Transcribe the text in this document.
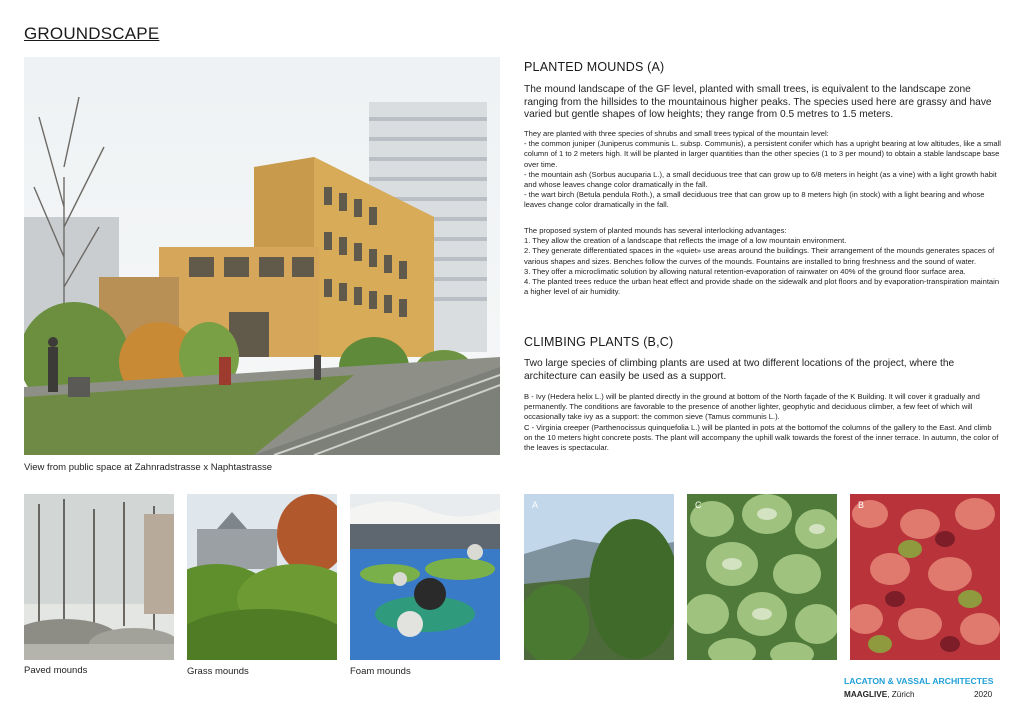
GROUNDSCAPE
View from public space at Zahnradstrasse x Naphtastrasse
PLANTED MOUNDS (A)
The mound landscape of the GF level, planted with small trees, is equivalent to the landscape zone ranging from the hillsides to the mountainous higher peaks. The species used here are grassy and have varied but gentle shapes of low heights; they range from 0.5 metres to 1.5 meters.
They are planted with three species of shrubs and small trees typical of the mountain level:
- the common juniper (Juniperus communis L. subsp. Communis), a persistent conifer which has a upright bearing at low altitudes, like a small column of 1 to 2 meters high. It will be planted in larger quantities than the other species (1 to 3 per mound) to obtain a stable landscape base over time.
- the mountain ash (Sorbus aucuparia L.), a small deciduous tree that can grow up to 6/8 meters in height (as a vine) with a light growth habit and whose leaves change color dramatically in the fall.
- the wart birch (Betula pendula Roth.), a small deciduous tree that can grow up to 8 meters high (in stock) with a light bearing and whose leaves change color dramatically in the fall.
The proposed system of planted mounds has several interlocking advantages:
1. They allow the creation of a landscape that reflects the image of a low mountain environment.
2. They generate differentiated spaces in the «quiet» use areas around the buildings. Their arrangement of the mounds generates spaces of various shapes and sizes. Benches follow the curves of the mounds. Fountains are installed to bring freshness and the sound of water.
3. They offer a microclimatic solution by allowing natural retention-evaporation of rainwater on 40% of the ground floor surface area.
4. The planted trees reduce the urban heat effect and provide shade on the sidewalk and plot floors and by evaporation-transpiration maintain a higher level of air humidity.
CLIMBING PLANTS (B,C)
Two large species of climbing plants are used at two different locations of the project, where the architecture can easily be used as a support.
B - Ivy (Hedera helix L.) will be planted directly in the ground at bottom of the North façade of the K Building. It will cover it gradually and permanently. The conditions are favorable to the presence of another lighter, geophytic and deciduous climber, a few feet of which will occasionally take ivy as a support: the common sieve (Tamus communis L.).
C - Virginia creeper (Parthenocissus quinquefolia L.) will be planted in pots at the bottomof the columns of the gallery to the East. And climb on the 10 meters hight concrete posts. The plant will accompany the uphill walk towards the forest of the inner terrace. In autumn, the color of the leaves is spectacular.
A	C	B
Paved mounds	Grass mounds	Foam mounds
LACATON & VASSAL ARCHITECTES
MAAGLIVE, Zürich	2020
